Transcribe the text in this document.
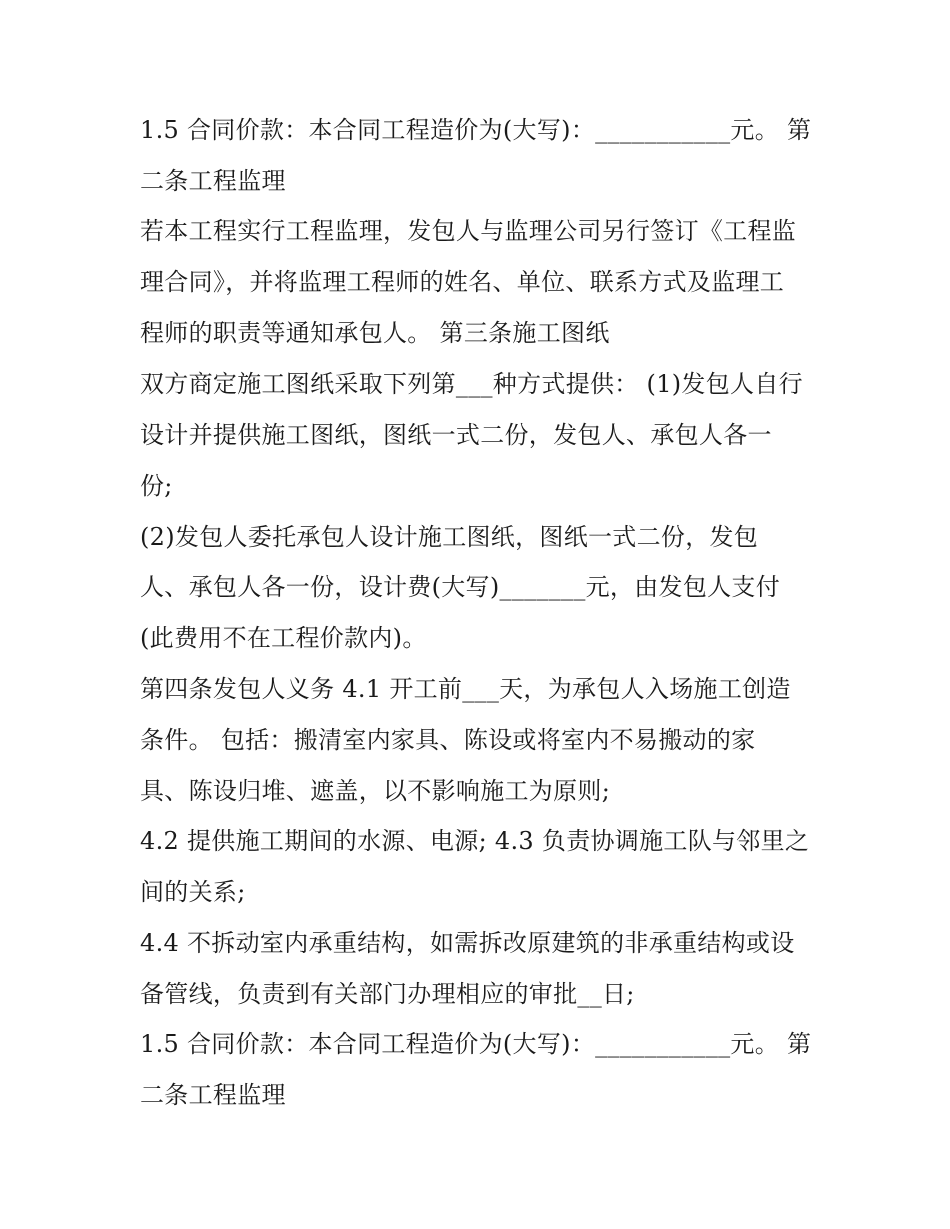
1.5 合同价款：本合同工程造价为(大写)：___________元。 第
二条工程监理
若本工程实行工程监理，发包人与监理公司另行签订《工程监
理合同》，并将监理工程师的姓名、单位、联系方式及监理工
程师的职责等通知承包人。 第三条施工图纸
双方商定施工图纸采取下列第___种方式提供： (1)发包人自行
设计并提供施工图纸，图纸一式二份，发包人、承包人各一
份;
(2)发包人委托承包人设计施工图纸，图纸一式二份，发包
人、承包人各一份，设计费(大写)_______元，由发包人支付
(此费用不在工程价款内)。
第四条发包人义务 4.1 开工前___天，为承包人入场施工创造
条件。 包括：搬清室内家具、陈设或将室内不易搬动的家
具、陈设归堆、遮盖，以不影响施工为原则;
4.2 提供施工期间的水源、电源; 4.3 负责协调施工队与邻里之
间的关系;
4.4 不拆动室内承重结构，如需拆改原建筑的非承重结构或设
备管线，负责到有关部门办理相应的审批__日;
1.5 合同价款：本合同工程造价为(大写)：___________元。 第
二条工程监理
